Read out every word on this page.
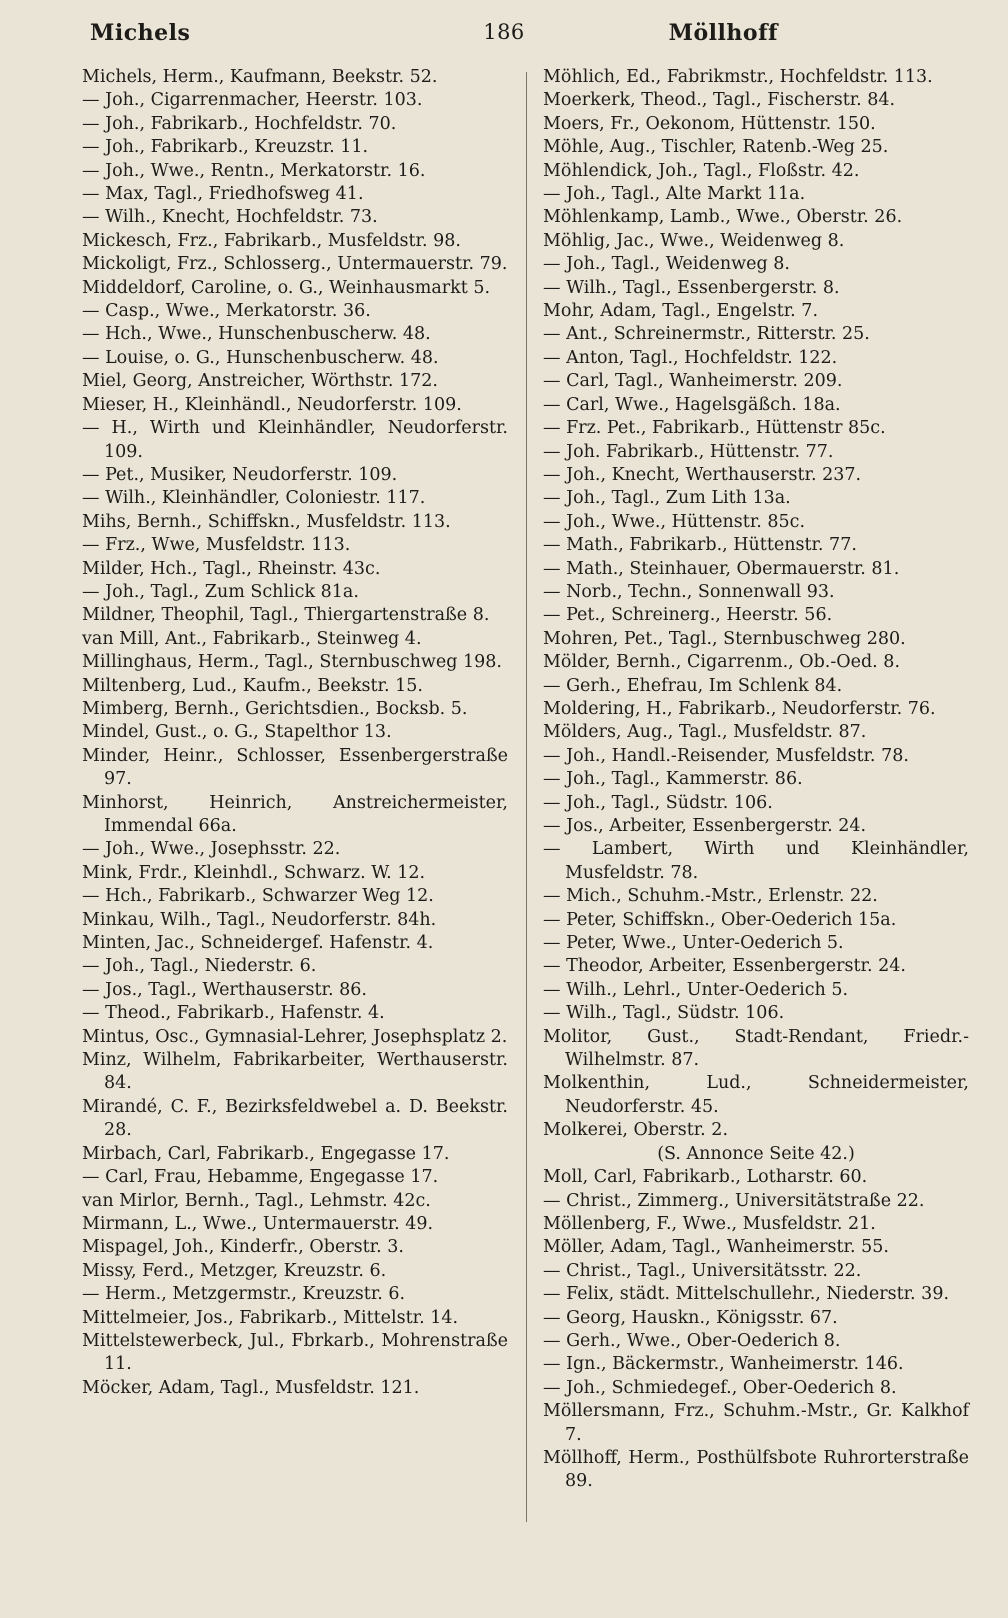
Michels	186	Möllhoff
Michels, Herm., Kaufmann, Beekstr. 52.
— Joh., Cigarrenmacher, Heerstr. 103.
— Joh., Fabrikarb., Hochfeldstr. 70.
— Joh., Fabrikarb., Kreuzstr. 11.
— Joh., Wwe., Rentn., Merkatorstr. 16.
— Max, Tagl., Friedhofsweg 41.
— Wilh., Knecht, Hochfeldstr. 73.
Mickesch, Frz., Fabrikarb., Musfeldstr. 98.
Mickoligt, Frz., Schlosserg., Untermauerstr. 79.
Middeldorf, Caroline, o. G., Weinhausmarkt 5.
— Casp., Wwe., Merkatorstr. 36.
— Hch., Wwe., Hunschenbuscherw. 48.
— Louise, o. G., Hunschenbuscherw. 48.
Miel, Georg, Anstreicher, Wörthstr. 172.
Mieser, H., Kleinhändl., Neudorferstr. 109.
— H., Wirth und Kleinhändler, Neudorferstr. 109.
— Pet., Musiker, Neudorferstr. 109.
— Wilh., Kleinhändler, Coloniestr. 117.
Mihs, Bernh., Schiffskn., Musfeldstr. 113.
— Frz., Wwe, Musfeldstr. 113.
Milder, Hch., Tagl., Rheinstr. 43c.
— Joh., Tagl., Zum Schlick 81a.
Mildner, Theophil, Tagl., Thiergartenstraße 8.
van Mill, Ant., Fabrikarb., Steinweg 4.
Millinghaus, Herm., Tagl., Sternbuschweg 198.
Miltenberg, Lud., Kaufm., Beekstr. 15.
Mimberg, Bernh., Gerichtsdien., Bocksb. 5.
Mindel, Gust., o. G., Stapelthor 13.
Minder, Heinr., Schlosser, Essenbergerstraße 97.
Minhorst, Heinrich, Anstreichermeister, Immendal 66a.
— Joh., Wwe., Josephsstr. 22.
Mink, Frdr., Kleinhdl., Schwarz. W. 12.
— Hch., Fabrikarb., Schwarzer Weg 12.
Minkau, Wilh., Tagl., Neudorferstr. 84h.
Minten, Jac., Schneidergef. Hafenstr. 4.
— Joh., Tagl., Niederstr. 6.
— Jos., Tagl., Werthauserstr. 86.
— Theod., Fabrikarb., Hafenstr. 4.
Mintus, Osc., Gymnasial-Lehrer, Josephsplatz 2.
Minz, Wilhelm, Fabrikarbeiter, Werthauserstr. 84.
Mirandé, C. F., Bezirksfeldwebel a. D. Beekstr. 28.
Mirbach, Carl, Fabrikarb., Engegasse 17.
— Carl, Frau, Hebamme, Engegasse 17.
van Mirlor, Bernh., Tagl., Lehmstr. 42c.
Mirmann, L., Wwe., Untermauerstr. 49.
Mispagel, Joh., Kinderfr., Oberstr. 3.
Missy, Ferd., Metzger, Kreuzstr. 6.
— Herm., Metzgermstr., Kreuzstr. 6.
Mittelmeier, Jos., Fabrikarb., Mittelstr. 14.
Mittelstewerbeck, Jul., Fbrkarb., Mohrenstraße 11.
Möcker, Adam, Tagl., Musfeldstr. 121.
Möhlich, Ed., Fabrikmstr., Hochfeldstr. 113.
Moerkerk, Theod., Tagl., Fischerstr. 84.
Moers, Fr., Oekonom, Hüttenstr. 150.
Möhle, Aug., Tischler, Ratenb.-Weg 25.
Möhlendick, Joh., Tagl., Floßstr. 42.
— Joh., Tagl., Alte Markt 11a.
Möhlenkamp, Lamb., Wwe., Oberstr. 26.
Möhlig, Jac., Wwe., Weidenweg 8.
— Joh., Tagl., Weidenweg 8.
— Wilh., Tagl., Essenbergerstr. 8.
Mohr, Adam, Tagl., Engelstr. 7.
— Ant., Schreinermstr., Ritterstr. 25.
— Anton, Tagl., Hochfeldstr. 122.
— Carl, Tagl., Wanheimerstr. 209.
— Carl, Wwe., Hagelsgäßch. 18a.
— Frz. Pet., Fabrikarb., Hüttenstr 85c.
— Joh. Fabrikarb., Hüttenstr. 77.
— Joh., Knecht, Werthauserstr. 237.
— Joh., Tagl., Zum Lith 13a.
— Joh., Wwe., Hüttenstr. 85c.
— Math., Fabrikarb., Hüttenstr. 77.
— Math., Steinhauer, Obermauerstr. 81.
— Norb., Techn., Sonnenwall 93.
— Pet., Schreinerg., Heerstr. 56.
Mohren, Pet., Tagl., Sternbuschweg 280.
Mölder, Bernh., Cigarrenm., Ob.-Oed. 8.
— Gerh., Ehefrau, Im Schlenk 84.
Moldering, H., Fabrikarb., Neudorferstr. 76.
Mölders, Aug., Tagl., Musfeldstr. 87.
— Joh., Handl.-Reisender, Musfeldstr. 78.
— Joh., Tagl., Kammerstr. 86.
— Joh., Tagl., Südstr. 106.
— Jos., Arbeiter, Essenbergerstr. 24.
— Lambert, Wirth und Kleinhändler, Musfeldstr. 78.
— Mich., Schuhm.-Mstr., Erlenstr. 22.
— Peter, Schiffskn., Ober-Oederich 15a.
— Peter, Wwe., Unter-Oederich 5.
— Theodor, Arbeiter, Essenbergerstr. 24.
— Wilh., Lehrl., Unter-Oederich 5.
— Wilh., Tagl., Südstr. 106.
Molitor, Gust., Stadt-Rendant, Friedr.-Wilhelmstr. 87.
Molkenthin, Lud., Schneidermeister, Neudorferstr. 45.
Molkerei, Oberstr. 2.
(S. Annonce Seite 42.)
Moll, Carl, Fabrikarb., Lotharstr. 60.
— Christ., Zimmerg., Universitätstraße 22.
Möllenberg, F., Wwe., Musfeldstr. 21.
Möller, Adam, Tagl., Wanheimerstr. 55.
— Christ., Tagl., Universitätsstr. 22.
— Felix, städt. Mittelschullehr., Niederstr. 39.
— Georg, Hauskn., Königsstr. 67.
— Gerh., Wwe., Ober-Oederich 8.
— Ign., Bäckermstr., Wanheimerstr. 146.
— Joh., Schmiedegef., Ober-Oederich 8.
Möllersmann, Frz., Schuhm.-Mstr., Gr. Kalkhof 7.
Möllhoff, Herm., Posthülfsbote Ruhrorterstraße 89.
